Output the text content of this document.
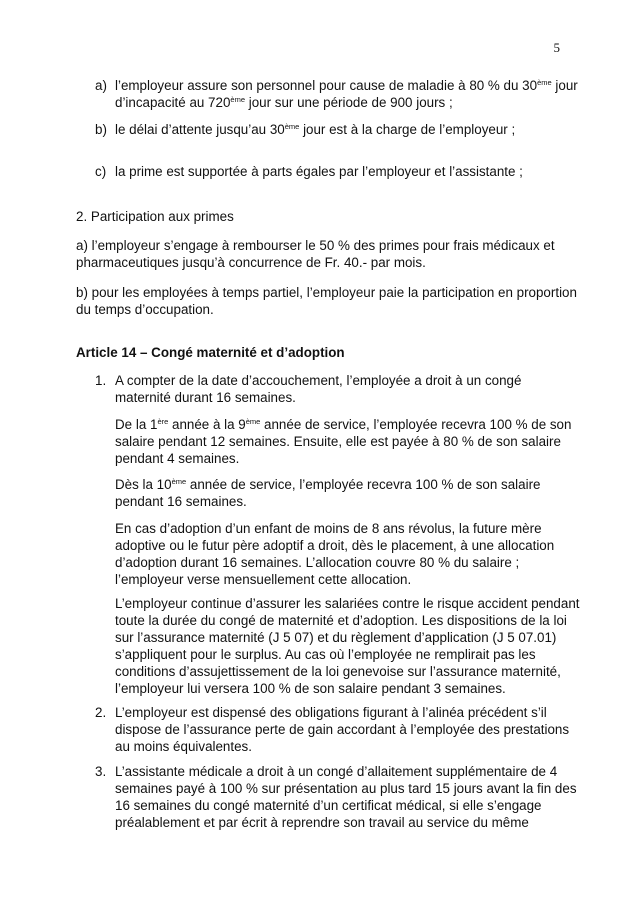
5
a) l’employeur assure son personnel pour cause de maladie à 80 % du 30ème jour
d’incapacité au 720ème jour sur une période de 900 jours ;
b) le délai d’attente jusqu’au 30ème jour est à la charge de l’employeur ;
c) la prime est supportée à parts égales par l’employeur et l’assistante ;
2. Participation aux primes
a) l’employeur s’engage à rembourser le 50 % des primes pour frais médicaux et
pharmaceutiques jusqu’à concurrence de Fr. 40.- par mois.
b) pour les employées à temps partiel, l’employeur paie la participation en proportion
du temps d’occupation.
Article 14 – Congé maternité et d’adoption
1. A compter de la date d’accouchement, l’employée a droit à un congé
maternité durant 16 semaines.
De la 1ère année à la 9ème année de service, l’employée recevra 100 % de son
salaire pendant 12 semaines. Ensuite, elle est payée à 80 % de son salaire
pendant 4 semaines.
Dès la 10ème année de service, l’employée recevra 100 % de son salaire
pendant 16 semaines.
En cas d’adoption d’un enfant de moins de 8 ans révolus, la future mère
adoptive ou le futur père adoptif a droit, dès le placement, à une allocation
d’adoption durant 16 semaines. L’allocation couvre 80 % du salaire ;
l’employeur verse mensuellement cette allocation.
L’employeur continue d’assurer les salariées contre le risque accident pendant
toute la durée du congé de maternité et d’adoption. Les dispositions de la loi
sur l’assurance maternité (J 5 07) et du règlement d’application (J 5 07.01)
s’appliquent pour le surplus. Au cas où l’employée ne remplirait pas les
conditions d’assujettissement de la loi genevoise sur l’assurance maternité,
l’employeur lui versera 100 % de son salaire pendant 3 semaines.
2. L’employeur est dispensé des obligations figurant à l’alinéa précédent s’il
dispose de l’assurance perte de gain accordant à l’employée des prestations
au moins équivalentes.
3. L’assistante médicale a droit à un congé d’allaitement supplémentaire de 4
semaines payé à 100 % sur présentation au plus tard 15 jours avant la fin des
16 semaines du congé maternité d’un certificat médical, si elle s’engage
préalablement et par écrit à reprendre son travail au service du même
